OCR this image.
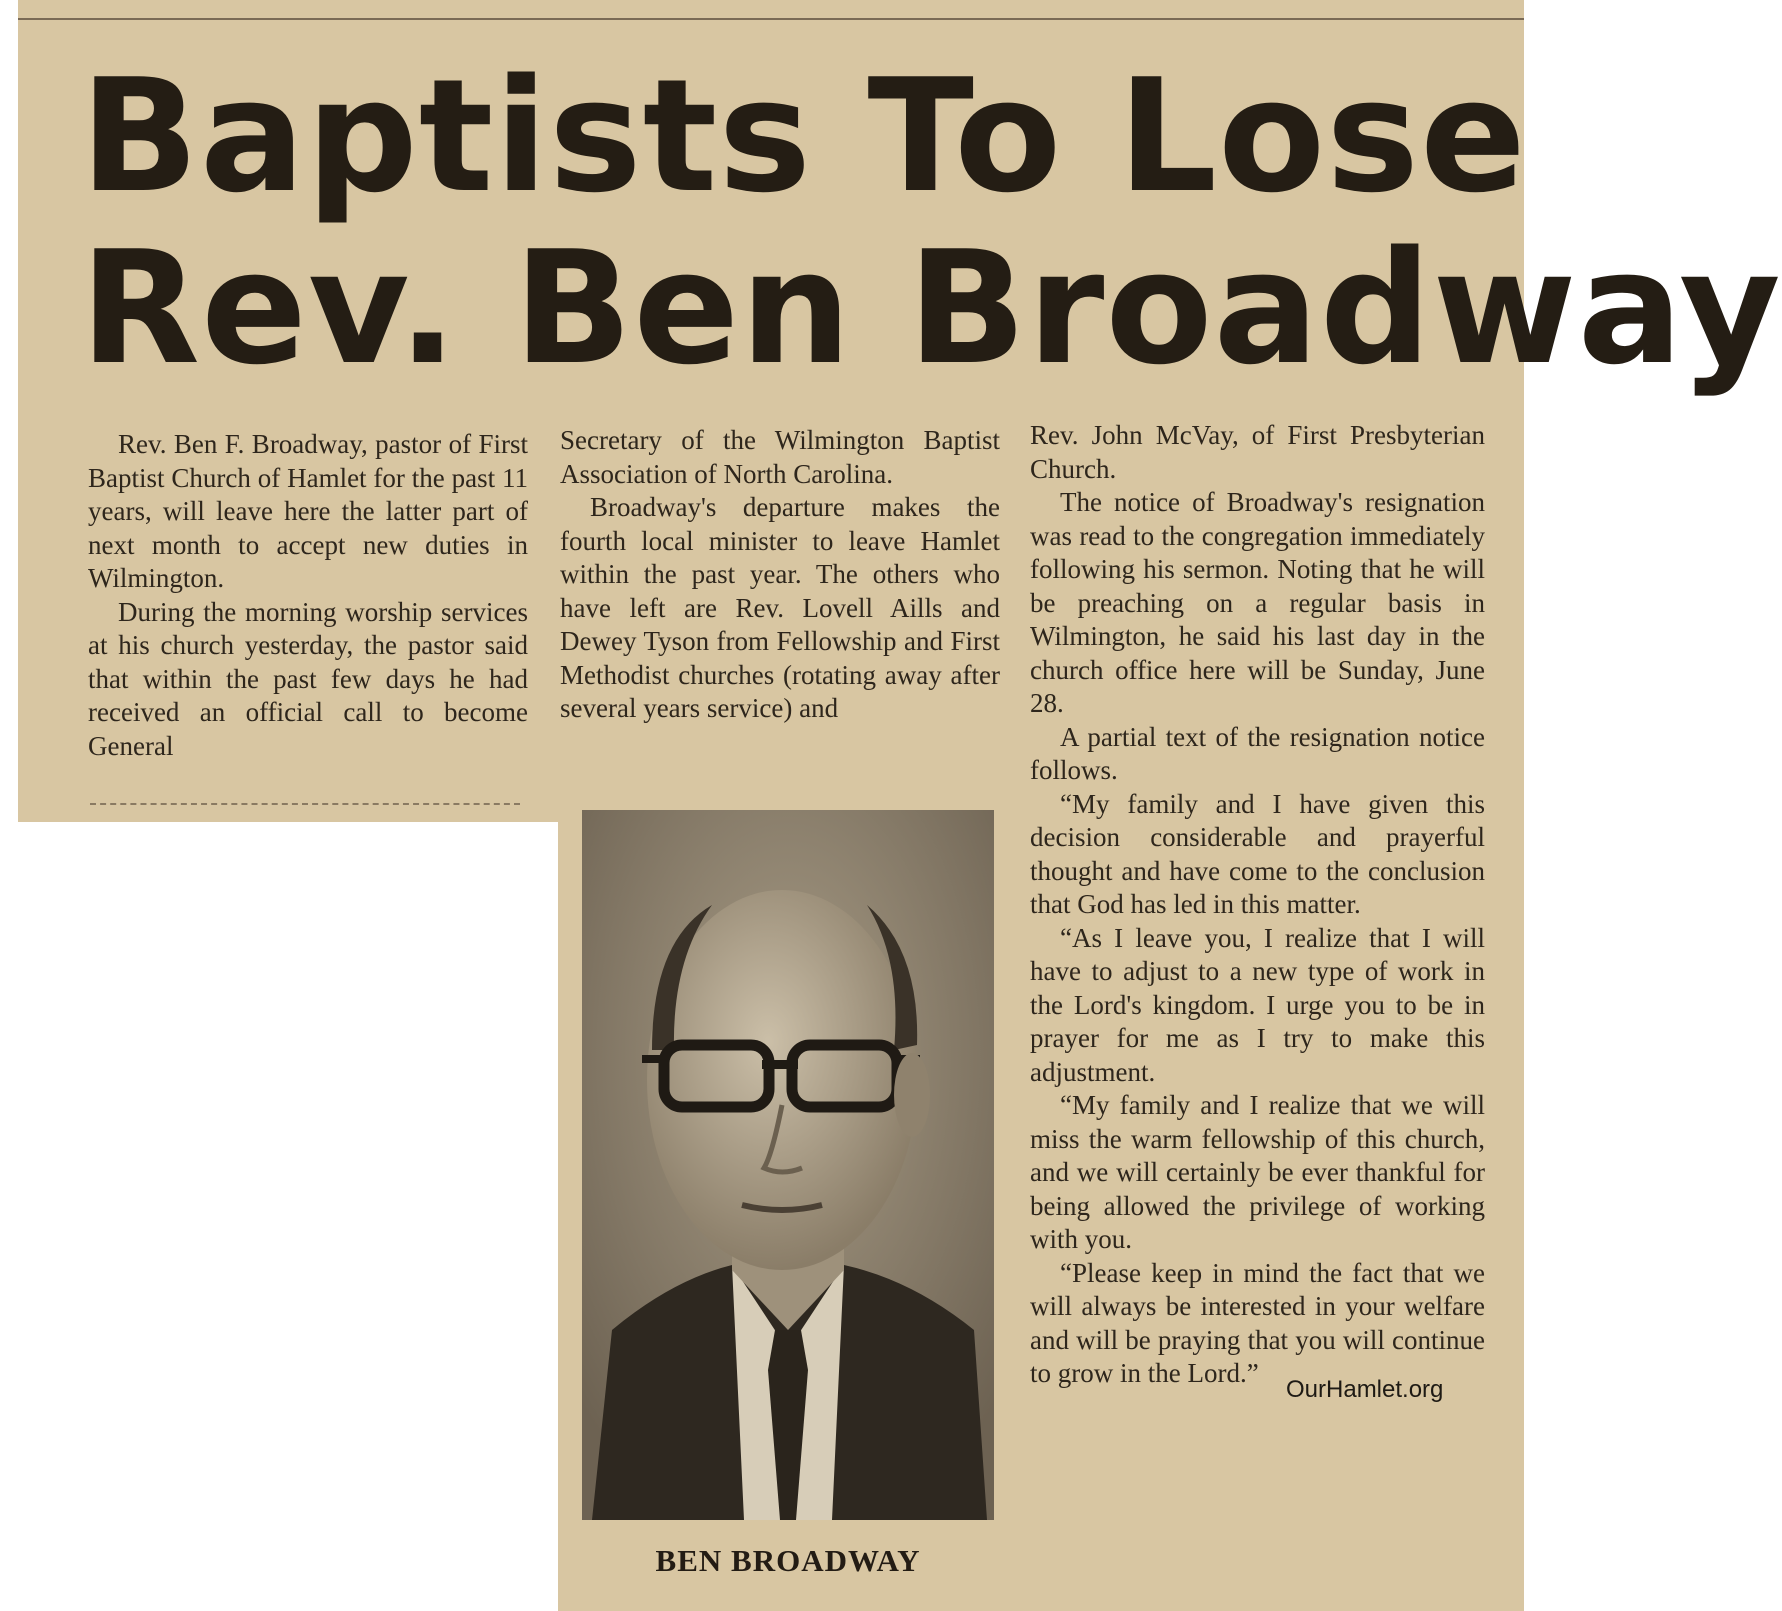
Baptists To Lose
Rev. Ben Broadway

Rev. Ben F. Broadway, pastor of First Baptist Church of Hamlet for the past 11 years, will leave here the latter part of next month to accept new duties in Wilmington.

During the morning worship services at his church yesterday, the pastor said that within the past few days he had received an official call to become General

Secretary of the Wilmington Baptist Association of North Carolina.

Broadway's departure makes the fourth local minister to leave Hamlet within the past year. The others who have left are Rev. Lovell Aills and Dewey Tyson from Fellowship and First Methodist churches (rotating away after several years service) and

Rev. John McVay, of First Presbyterian Church.

The notice of Broadway's resignation was read to the congregation immediately following his sermon. Noting that he will be preaching on a regular basis in Wilmington, he said his last day in the church office here will be Sunday, June 28.

A partial text of the resignation notice follows.

“My family and I have given this decision considerable and prayerful thought and have come to the conclusion that God has led in this matter.

“As I leave you, I realize that I will have to adjust to a new type of work in the Lord's kingdom. I urge you to be in prayer for me as I try to make this adjustment.

“My family and I realize that we will miss the warm fellowship of this church, and we will certainly be ever thankful for being allowed the privilege of working with you.

“Please keep in mind the fact that we will always be interested in your welfare and will be praying that you will continue to grow in the Lord.”

BEN BROADWAY

OurHamlet.org
